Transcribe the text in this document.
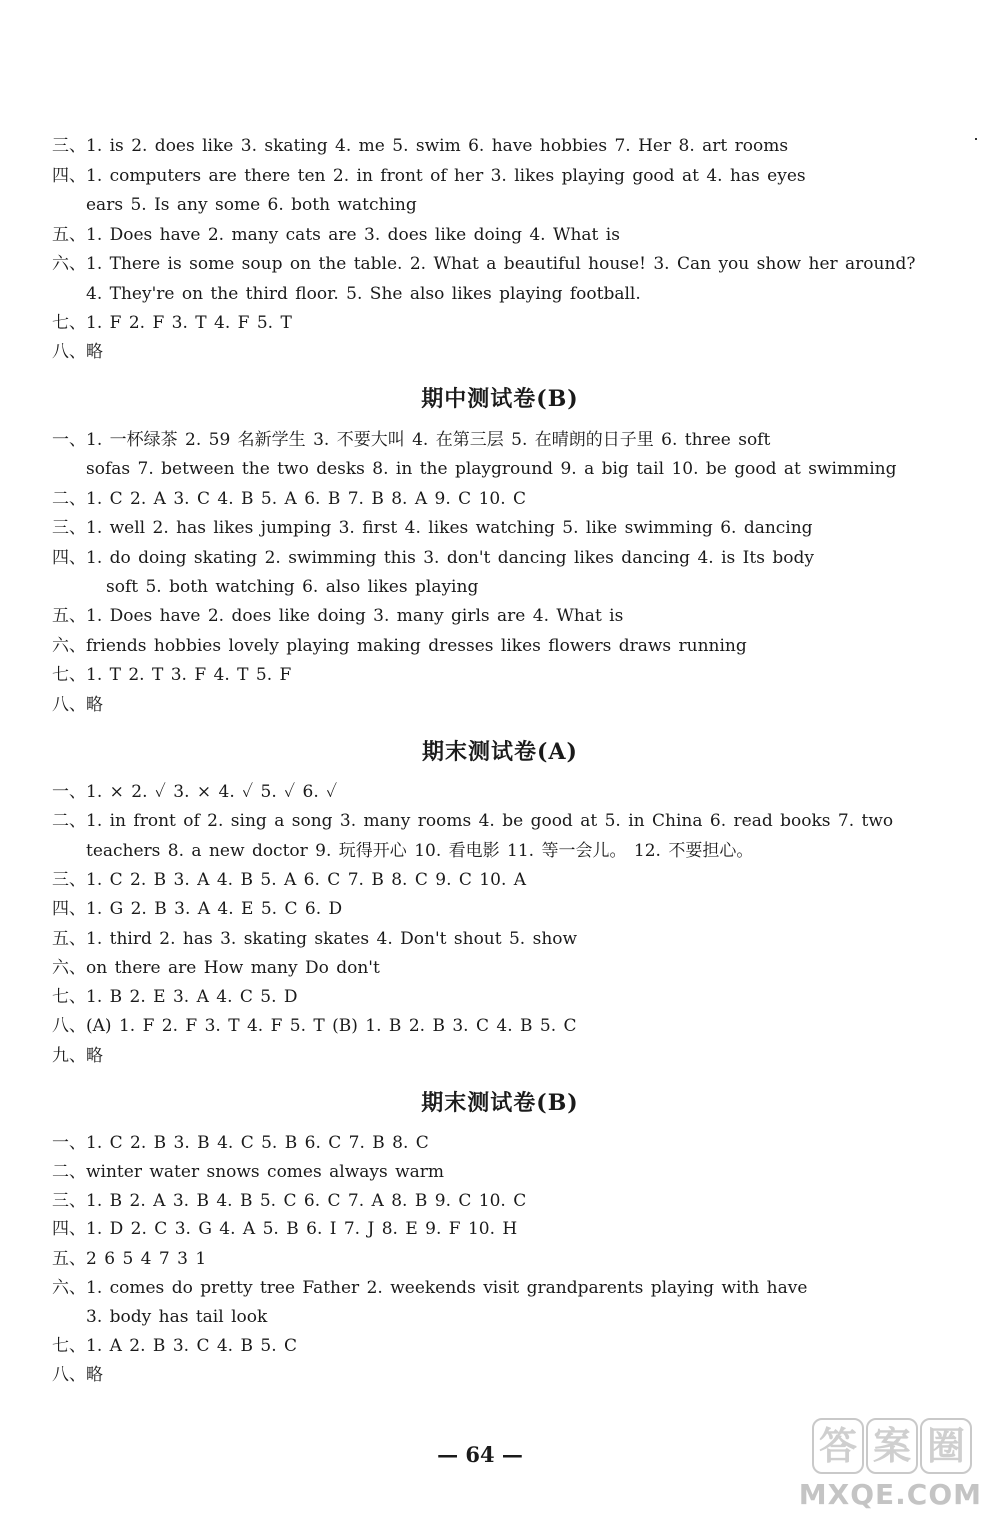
三、1. is 2. does like 3. skating 4. me 5. swim 6. have hobbies 7. Her 8. art rooms
四、1. computers are there ten 2. in front of her 3. likes playing good at 4. has eyes
ears 5. Is any some 6. both watching
五、1. Does have 2. many cats are 3. does like doing 4. What is
六、1. There is some soup on the table. 2. What a beautiful house! 3. Can you show her around?
4. They're on the third floor. 5. She also likes playing football.
七、1. F 2. F 3. T 4. F 5. T
八、略
期中测试卷(B)
一、1. 一杯绿茶 2. 59 名新学生 3. 不要大叫 4. 在第三层 5. 在晴朗的日子里 6. three soft
sofas 7. between the two desks 8. in the playground 9. a big tail 10. be good at swimming
二、1. C 2. A 3. C 4. B 5. A 6. B 7. B 8. A 9. C 10. C
三、1. well 2. has likes jumping 3. first 4. likes watching 5. like swimming 6. dancing
四、1. do doing skating 2. swimming this 3. don't dancing likes dancing 4. is Its body
soft 5. both watching 6. also likes playing
五、1. Does have 2. does like doing 3. many girls are 4. What is
六、friends hobbies lovely playing making dresses likes flowers draws running
七、1. T 2. T 3. F 4. T 5. F
八、略
期末测试卷(A)
一、1. × 2. ✓ 3. × 4. ✓ 5. ✓ 6. ✓
二、1. in front of 2. sing a song 3. many rooms 4. be good at 5. in China 6. read books 7. two
teachers 8. a new doctor 9. 玩得开心 10. 看电影 11. 等一会儿。 12. 不要担心。
三、1. C 2. B 3. A 4. B 5. A 6. C 7. B 8. C 9. C 10. A
四、1. G 2. B 3. A 4. E 5. C 6. D
五、1. third 2. has 3. skating skates 4. Don't shout 5. show
六、on there are How many Do don't
七、1. B 2. E 3. A 4. C 5. D
八、(A) 1. F 2. F 3. T 4. F 5. T (B) 1. B 2. B 3. C 4. B 5. C
九、略
期末测试卷(B)
一、1. C 2. B 3. B 4. C 5. B 6. C 7. B 8. C
二、winter water snows comes always warm
三、1. B 2. A 3. B 4. B 5. C 6. C 7. A 8. B 9. C 10. C
四、1. D 2. C 3. G 4. A 5. B 6. I 7. J 8. E 9. F 10. H
五、2 6 5 4 7 3 1
六、1. comes do pretty tree Father 2. weekends visit grandparents playing with have
3. body has tail look
七、1. A 2. B 3. C 4. B 5. C
八、略
— 64 —	答 案 圈
MXQE.COM
